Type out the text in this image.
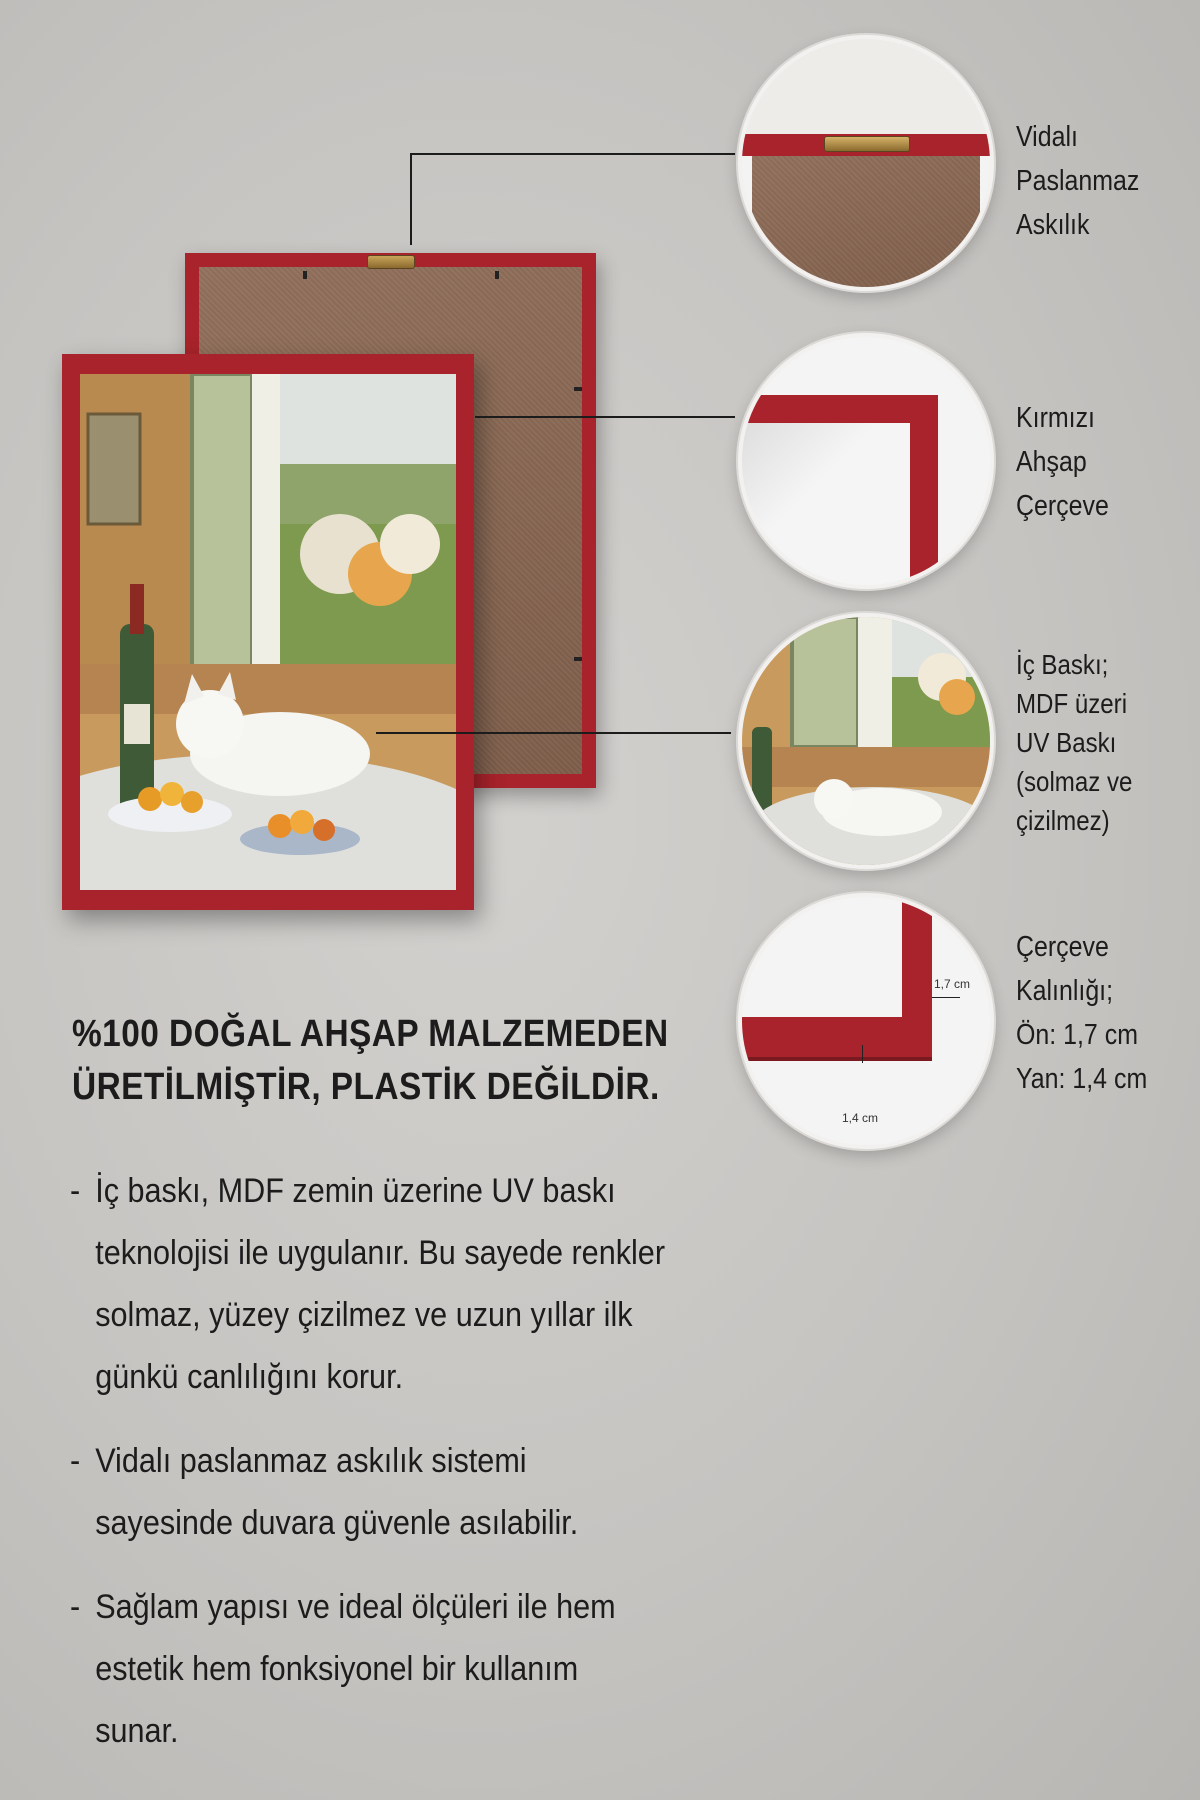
1,7 cm
1,4 cm
Vidalı
Paslanmaz
Askılık
Kırmızı
Ahşap
Çerçeve
İç Baskı;
MDF üzeri
UV Baskı
(solmaz ve
çizilmez)
Çerçeve
Kalınlığı;
Ön: 1,7 cm
Yan: 1,4 cm
%100 DOĞAL AHŞAP MALZEMEDEN
ÜRETİLMİŞTİR, PLASTİK DEĞİLDİR.
- İç baskı, MDF zemin üzerine UV baskı
teknolojisi ile uygulanır. Bu sayede renkler
solmaz, yüzey çizilmez ve uzun yıllar ilk
günkü canlılığını korur.
- Vidalı paslanmaz askılık sistemi
sayesinde duvara güvenle asılabilir.
- Sağlam yapısı ve ideal ölçüleri ile hem
estetik hem fonksiyonel bir kullanım
sunar.
